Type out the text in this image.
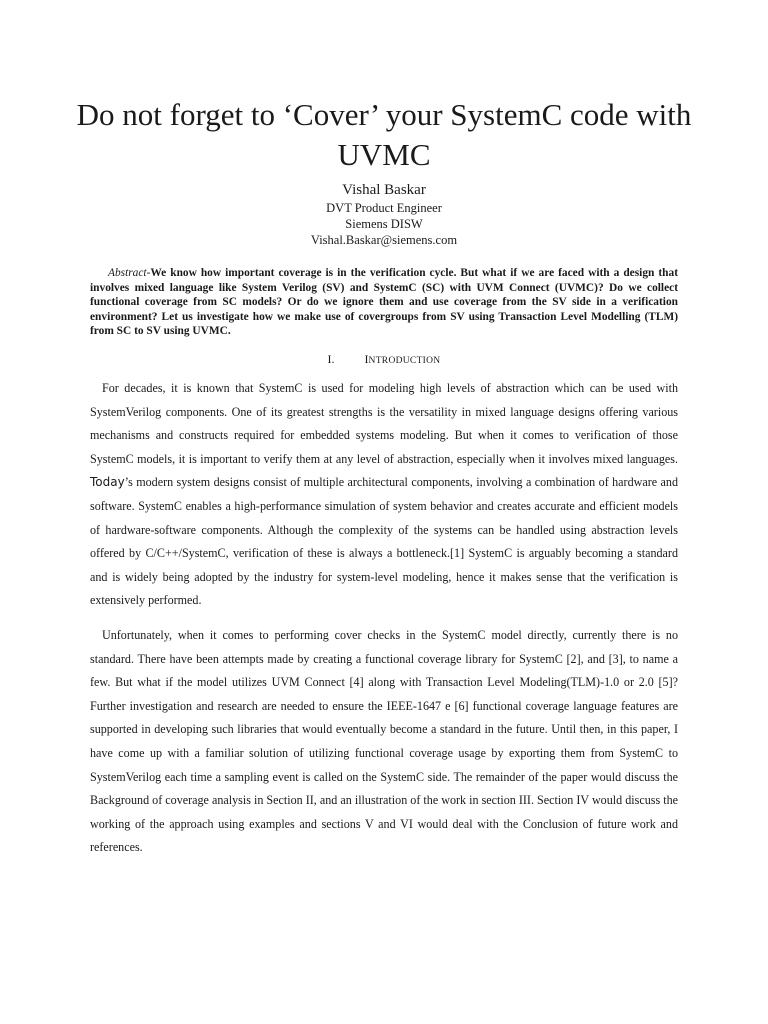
Do not forget to ‘Cover’ your SystemC code with UVMC

Vishal Baskar

DVT Product Engineer

Siemens DISW

Vishal.Baskar@siemens.com

Abstract-We know how important coverage is in the verification cycle. But what if we are faced with a design that involves mixed language like System Verilog (SV) and SystemC (SC) with UVM Connect (UVMC)? Do we collect functional coverage from SC models? Or do we ignore them and use coverage from the SV side in a verification environment? Let us investigate how we make use of covergroups from SV using Transaction Level Modelling (TLM) from SC to SV using UVMC.

I.	INTRODUCTION

For decades, it is known that SystemC is used for modeling high levels of abstraction which can be used with SystemVerilog components. One of its greatest strengths is the versatility in mixed language designs offering various mechanisms and constructs required for embedded systems modeling. But when it comes to verification of those SystemC models, it is important to verify them at any level of abstraction, especially when it involves mixed languages. Today’s modern system designs consist of multiple architectural components, involving a combination of hardware and software. SystemC enables a high-performance simulation of system behavior and creates accurate and efficient models of hardware-software components. Although the complexity of the systems can be handled using abstraction levels offered by C/C++/SystemC, verification of these is always a bottleneck.[1] SystemC is arguably becoming a standard and is widely being adopted by the industry for system-level modeling, hence it makes sense that the verification is extensively performed.

Unfortunately, when it comes to performing cover checks in the SystemC model directly, currently there is no standard. There have been attempts made by creating a functional coverage library for SystemC [2], and [3], to name a few. But what if the model utilizes UVM Connect [4] along with Transaction Level Modeling(TLM)-1.0 or 2.0 [5]? Further investigation and research are needed to ensure the IEEE-1647 e [6] functional coverage language features are supported in developing such libraries that would eventually become a standard in the future. Until then, in this paper, I have come up with a familiar solution of utilizing functional coverage usage by exporting them from SystemC to SystemVerilog each time a sampling event is called on the SystemC side. The remainder of the paper would discuss the Background of coverage analysis in Section II, and an illustration of the work in section III. Section IV would discuss the working of the approach using examples and sections V and VI would deal with the Conclusion of future work and references.
